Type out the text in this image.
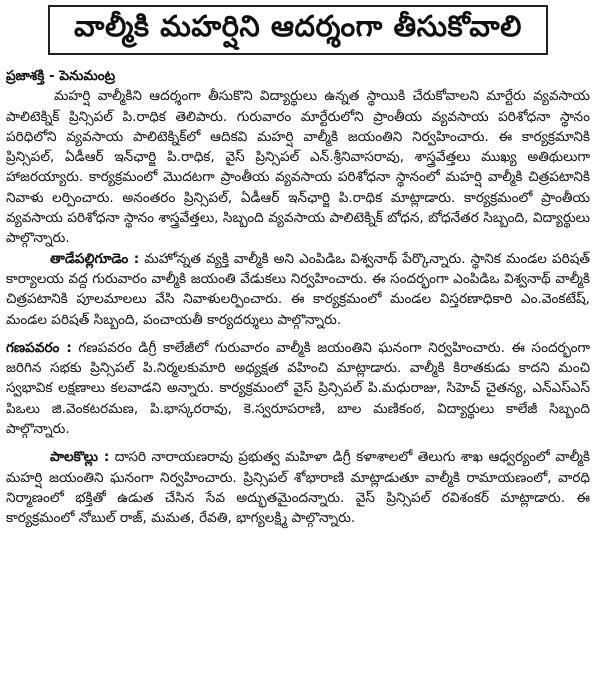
వాల్మీకి మహర్షిని ఆదర్శంగా తీసుకోవాలి

ప్రజాశక్తి - పెనుమంట్ర
మహర్షి వాల్మీకిని ఆదర్శంగా తీసుకొని విద్యార్థులు ఉన్నత స్థాయికి చేరుకోవాలని మార్టేరు వ్యవసాయ పాలిటెక్నిక్ ప్రిన్సిపల్ పి.రాధిక తెలిపారు. గురువారం మార్టేరులోని ప్రాంతీయ వ్యవసాయ పరిశోధనా స్థానం పరిధిలోని వ్యవసాయ పాలిటెక్నిక్‌లో ఆదికవి మహర్షి వాల్మీకి జయంతిని నిర్వహించారు. ఈ కార్యక్రమానికి ప్రిన్సిపల్, ఏడీఆర్ ఇన్‌ఛార్జి పి.రాధిక, వైస్ ప్రిన్సిపల్ ఎన్.శ్రీనివాసరావు, శాస్త్రవేత్తలు ముఖ్య అతిథులుగా హాజరయ్యారు. కార్యక్రమంలో మొదటగా ప్రాంతీయ వ్యవసాయ పరిశోధనా స్థానంలో మహర్షి వాల్మీకి చిత్రపటానికి నివాళు లర్పించారు. అనంతరం ప్రిన్సిపల్, ఏడీఆర్ ఇన్‌ఛార్జి పి.రాధిక మాట్లాడారు. కార్యక్రమంలో ప్రాంతీయ వ్యవసాయ పరిశోధనా స్థానం శాస్త్రవేత్తలు, సిబ్బంది వ్యవసాయ పాలిటెక్నిక్ బోధన, బోధనేతర సిబ్బంది, విద్యార్థులు పాల్గొన్నారు.

తాడేపల్లిగూడెం : మహోన్నత వ్యక్తి వాల్మీకి అని ఎంపిడిఒ విశ్వనాథ్ పేర్కొన్నారు. స్థానిక మండల పరిషత్ కార్యాలయ వద్ద గురువారం వాల్మీకి జయంతి వేడుకలు నిర్వహించారు. ఈ సందర్భంగా ఎంపిడిఒ విశ్వనాథ్ వాల్మీకి చిత్రపటానికి పూలమాలలు వేసి నివాళులర్పించారు. ఈ కార్యక్రమంలో మండల విస్తరణాధికారి ఎం.వెంకటేష్, మండల పరిషత్ సిబ్బంది, పంచాయతీ కార్యదర్శులు పాల్గొన్నారు.

గణపవరం : గణపవరం డిగ్రీ కాలేజీలో గురువారం వాల్మీకి జయంతిని ఘనంగా నిర్వహించారు. ఈ సందర్భంగా జరిగిన సభకు ప్రిన్సిపల్ పి.నిర్మలకుమారి అధ్యక్షత వహించి మాట్లాడారు. వాల్మీకి కిరాతకుడు కాదని మంచి స్వభావిక లక్షణాలు కలవాడని అన్నారు. కార్యక్రమంలో వైస్ ప్రిన్సిపల్ పి.మధురాజు, సిహెచ్ చైతన్య, ఎన్ఎస్ఎస్ పిఒలు జి.వెంకటరమణ, పి.భాస్కరరావు, కె.స్వరూపరాణి, బాల మణికంఠ, విద్యార్థులు కాలేజీ సిబ్బంది పాల్గొన్నారు.

పాలకొల్లు : దాసరి నారాయణరావు ప్రభుత్వ మహిళా డిగ్రీ కళాశాలలో తెలుగు శాఖ ఆధ్వర్యంలో వాల్మీకి మహర్షి జయంతిని ఘనంగా నిర్వహించారు. ప్రిన్సిపల్ శోభారాణి మాట్లాడుతూ వాల్మీకి రామాయణంలో, వారధి నిర్మాణంలో భక్తితో ఉడుత చేసిన సేవ అద్భుతమైందన్నారు. వైస్ ప్రిన్సిపల్ రవిశంకర్ మాట్లాడారు. ఈ కార్యక్రమంలో నోబుల్ రాజ్, మమత, రేవతి, భాగ్యలక్ష్మి పాల్గొన్నారు.
